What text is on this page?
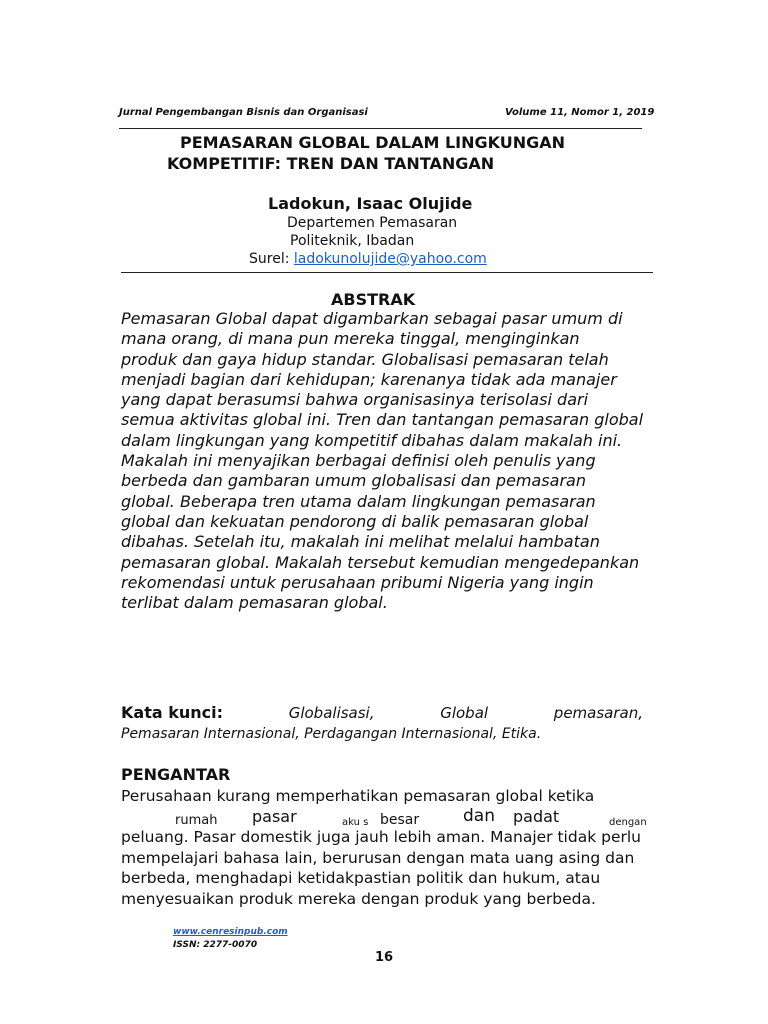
Jurnal Pengembangan Bisnis dan Organisasi	Volume 11, Nomor 1, 2019
PEMASARAN GLOBAL DALAM LINGKUNGAN
KOMPETITIF: TREN DAN TANTANGAN
Ladokun, Isaac Olujide
Departemen Pemasaran
Politeknik, Ibadan
Surel: ladokunolujide@yahoo.com
ABSTRAK
Pemasaran Global dapat digambarkan sebagai pasar umum di
mana orang, di mana pun mereka tinggal, menginginkan
produk dan gaya hidup standar. Globalisasi pemasaran telah
menjadi bagian dari kehidupan; karenanya tidak ada manajer
yang dapat berasumsi bahwa organisasinya terisolasi dari
semua aktivitas global ini. Tren dan tantangan pemasaran global
dalam lingkungan yang kompetitif dibahas dalam makalah ini.
Makalah ini menyajikan berbagai definisi oleh penulis yang
berbeda dan gambaran umum globalisasi dan pemasaran
global. Beberapa tren utama dalam lingkungan pemasaran
global dan kekuatan pendorong di balik pemasaran global
dibahas. Setelah itu, makalah ini melihat melalui hambatan
pemasaran global. Makalah tersebut kemudian mengedepankan
rekomendasi untuk perusahaan pribumi Nigeria yang ingin
terlibat dalam pemasaran global.
Kata kunci:	Globalisasi,	Global	pemasaran,
Pemasaran Internasional, Perdagangan Internasional, Etika.
PENGANTAR
Perusahaan kurang memperhatikan pemasaran global ketika
rumah pasar	aku s besar	dan padat	dengan
peluang. Pasar domestik juga jauh lebih aman. Manajer tidak perlu
mempelajari bahasa lain, berurusan dengan mata uang asing dan
berbeda, menghadapi ketidakpastian politik dan hukum, atau
menyesuaikan produk mereka dengan produk yang berbeda.
www.cenresinpub.com
ISSN: 2277-0070
16
